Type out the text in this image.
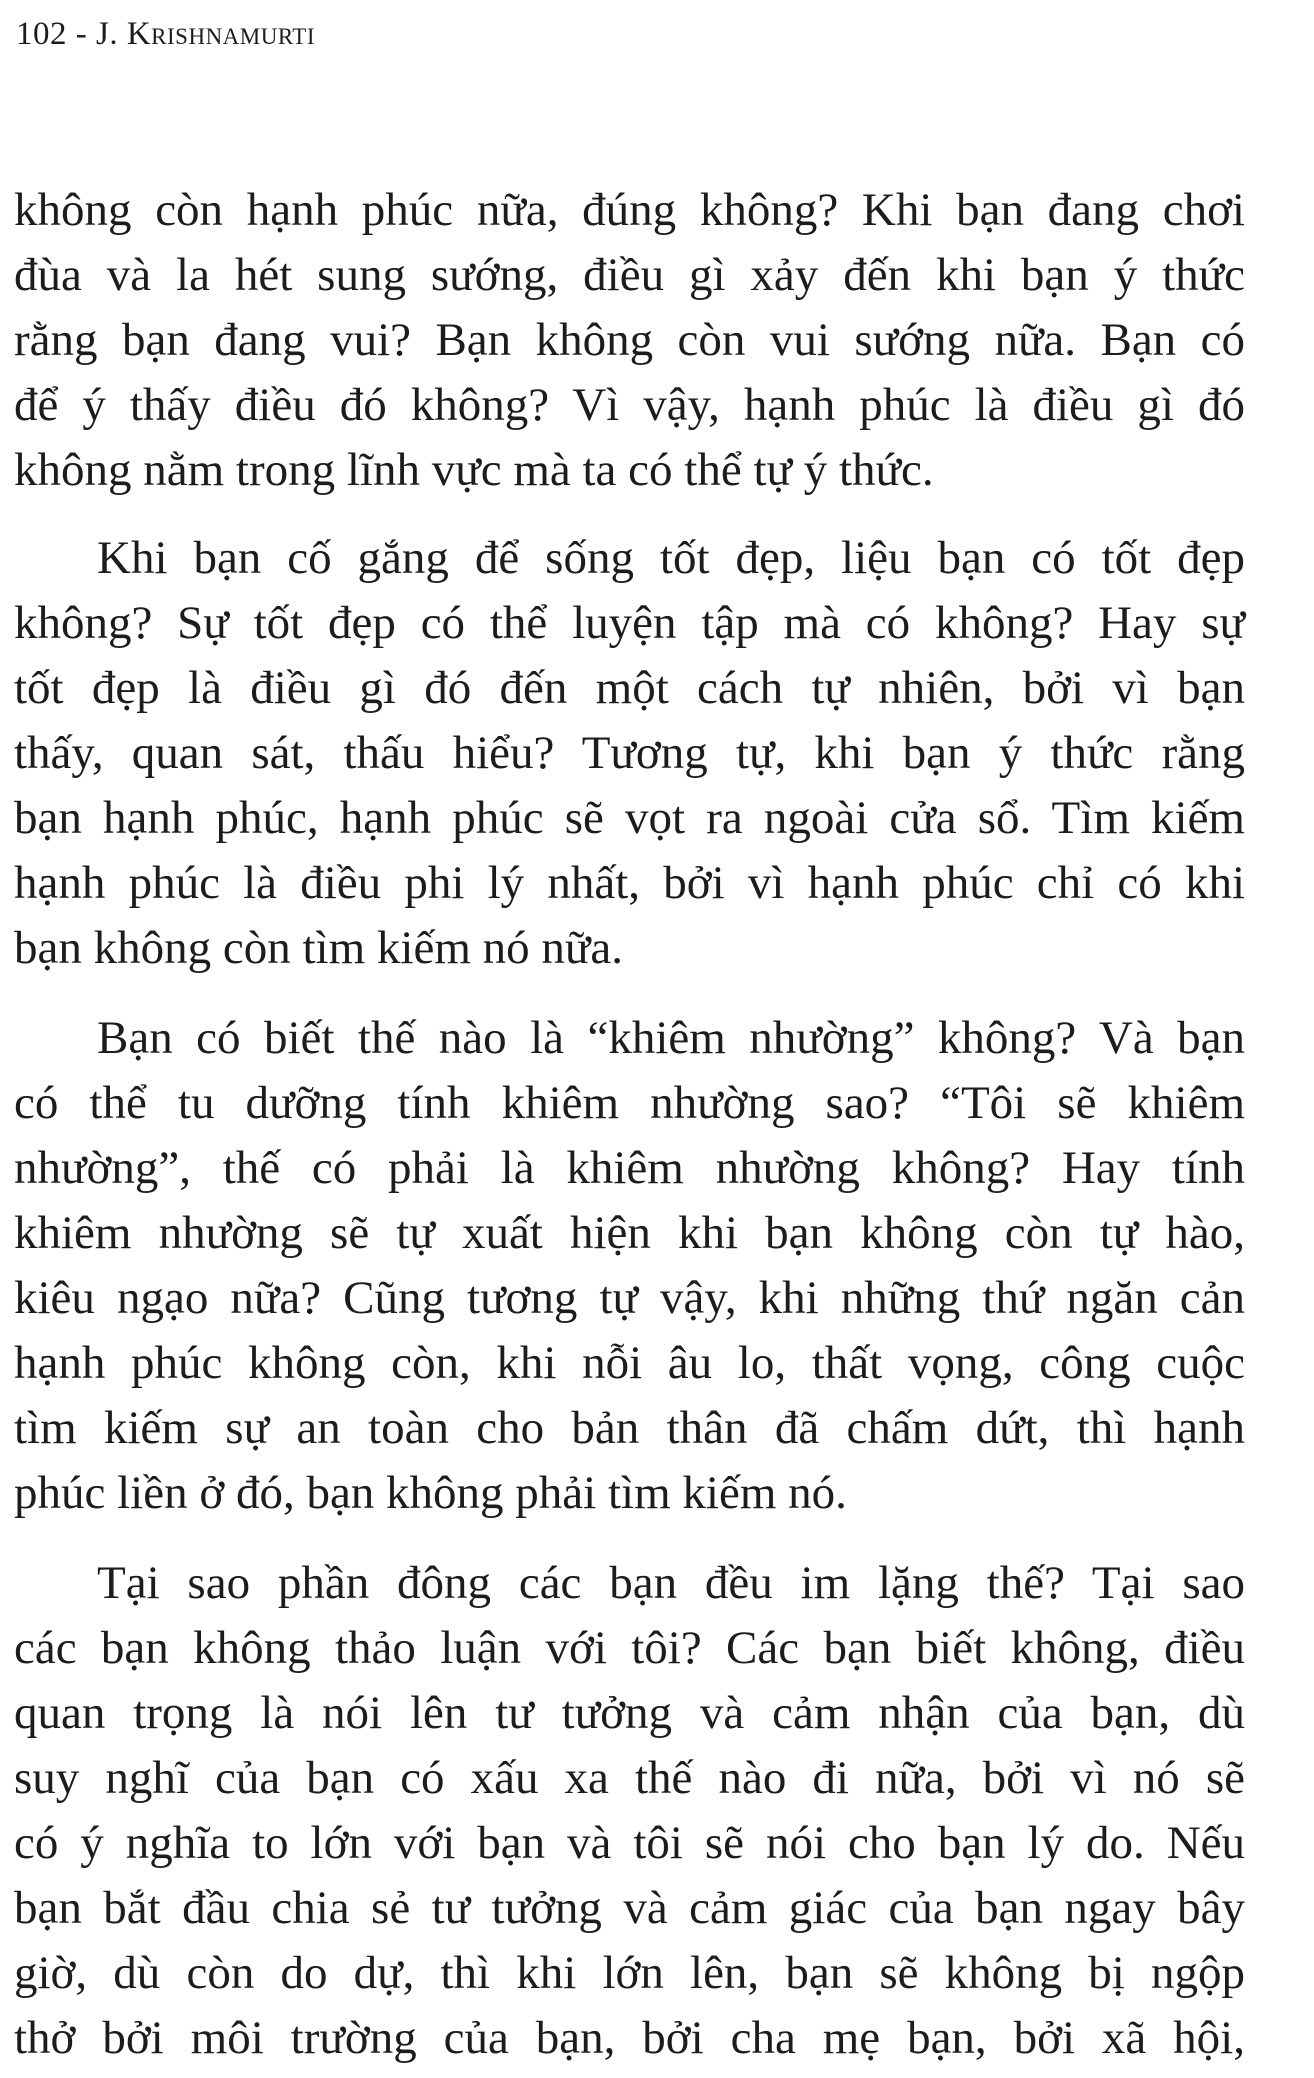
102 - J. Krishnamurti
không còn hạnh phúc nữa, đúng không? Khi bạn đang chơi
đùa và la hét sung sướng, điều gì xảy đến khi bạn ý thức
rằng bạn đang vui? Bạn không còn vui sướng nữa. Bạn có
để ý thấy điều đó không? Vì vậy, hạnh phúc là điều gì đó
không nằm trong lĩnh vực mà ta có thể tự ý thức.
Khi bạn cố gắng để sống tốt đẹp, liệu bạn có tốt đẹp
không? Sự tốt đẹp có thể luyện tập mà có không? Hay sự
tốt đẹp là điều gì đó đến một cách tự nhiên, bởi vì bạn
thấy, quan sát, thấu hiểu? Tương tự, khi bạn ý thức rằng
bạn hạnh phúc, hạnh phúc sẽ vọt ra ngoài cửa sổ. Tìm kiếm
hạnh phúc là điều phi lý nhất, bởi vì hạnh phúc chỉ có khi
bạn không còn tìm kiếm nó nữa.
Bạn có biết thế nào là “khiêm nhường” không? Và bạn
có thể tu dưỡng tính khiêm nhường sao? “Tôi sẽ khiêm
nhường”, thế có phải là khiêm nhường không? Hay tính
khiêm nhường sẽ tự xuất hiện khi bạn không còn tự hào,
kiêu ngạo nữa? Cũng tương tự vậy, khi những thứ ngăn cản
hạnh phúc không còn, khi nỗi âu lo, thất vọng, công cuộc
tìm kiếm sự an toàn cho bản thân đã chấm dứt, thì hạnh
phúc liền ở đó, bạn không phải tìm kiếm nó.
Tại sao phần đông các bạn đều im lặng thế? Tại sao
các bạn không thảo luận với tôi? Các bạn biết không, điều
quan trọng là nói lên tư tưởng và cảm nhận của bạn, dù
suy nghĩ của bạn có xấu xa thế nào đi nữa, bởi vì nó sẽ
có ý nghĩa to lớn với bạn và tôi sẽ nói cho bạn lý do. Nếu
bạn bắt đầu chia sẻ tư tưởng và cảm giác của bạn ngay bây
giờ, dù còn do dự, thì khi lớn lên, bạn sẽ không bị ngộp
thở bởi môi trường của bạn, bởi cha mẹ bạn, bởi xã hội,
